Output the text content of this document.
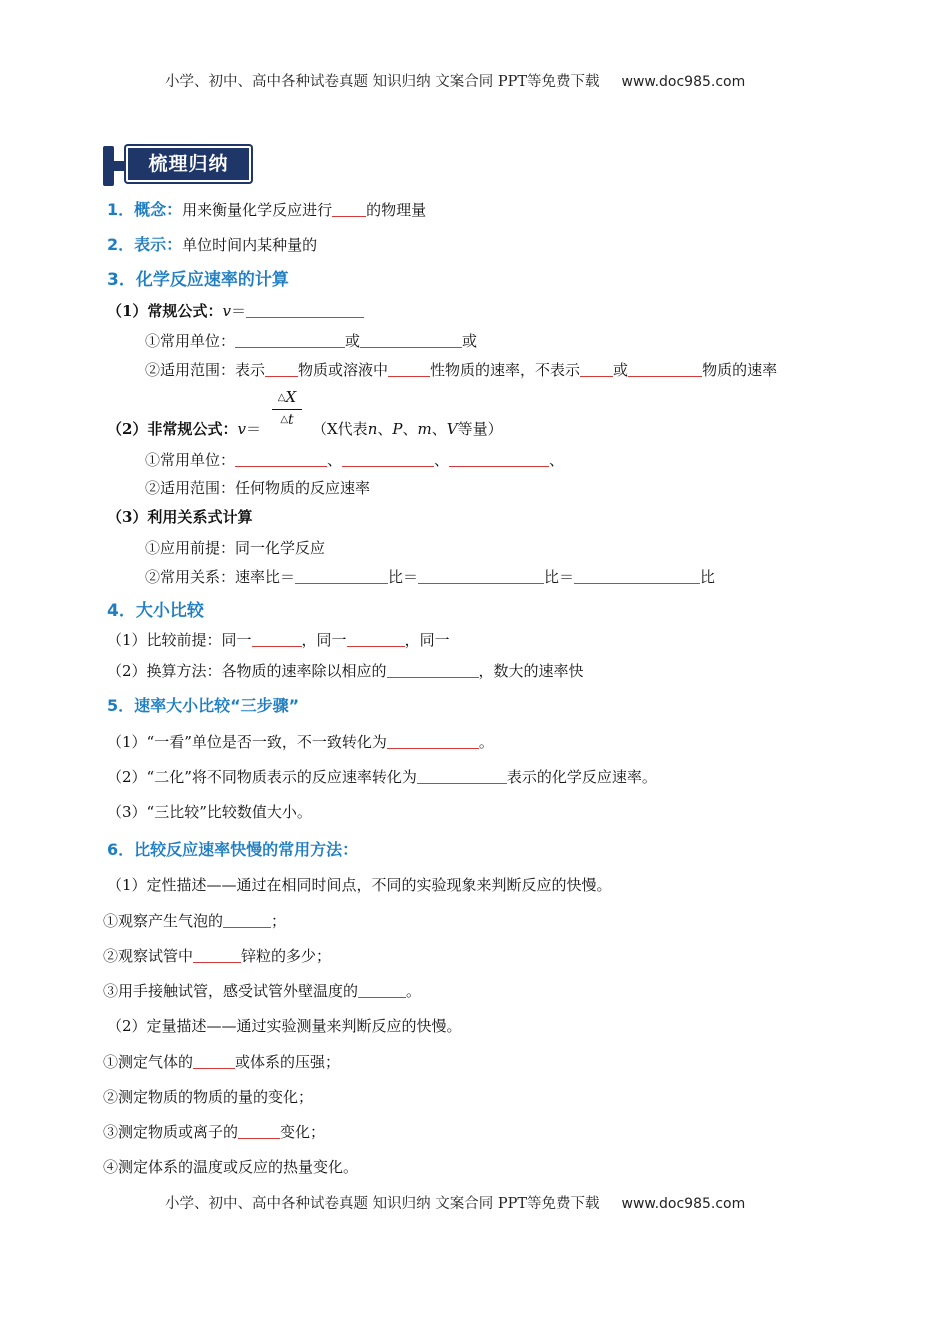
小学、初中、高中各种试卷真题 知识归纳 文案合同 PPT等免费下载 www.doc985.com
梳理归纳
1．概念：用来衡量化学反应进行 的物理量
2．表示：单位时间内某种量的
3．化学反应速率的计算
（1）常规公式：v＝
①常用单位：	或	或
②适用范围：表示 物质或溶液中	性物质的速率，不表示 或	物质的速率
△X
△t
（2）非常规公式：v＝	（X代表n、P、m、V等量）
①常用单位：	、	、	、
②适用范围：任何物质的反应速率
（3）利用关系式计算
①应用前提：同一化学反应
②常用关系：速率比＝	比＝	比＝	比
4．大小比较
（1）比较前提：同一	，同一	，同一
（2）换算方法：各物质的速率除以相应的	，数大的速率快
5．速率大小比较“三步骤”
（1）“一看”单位是否一致，不一致转化为	。
（2）“二化”将不同物质表示的反应速率转化为	表示的化学反应速率。
（3）“三比较”比较数值大小。
6．比较反应速率快慢的常用方法：
（1）定性描述——通过在相同时间点，不同的实验现象来判断反应的快慢。
①观察产生气泡的	；
②观察试管中	锌粒的多少；
③用手接触试管，感受试管外壁温度的	。
（2）定量描述——通过实验测量来判断反应的快慢。
①测定气体的	或体系的压强；
②测定物质的物质的量的变化；
③测定物质或离子的	变化；
④测定体系的温度或反应的热量变化。
小学、初中、高中各种试卷真题 知识归纳 文案合同 PPT等免费下载 www.doc985.com
